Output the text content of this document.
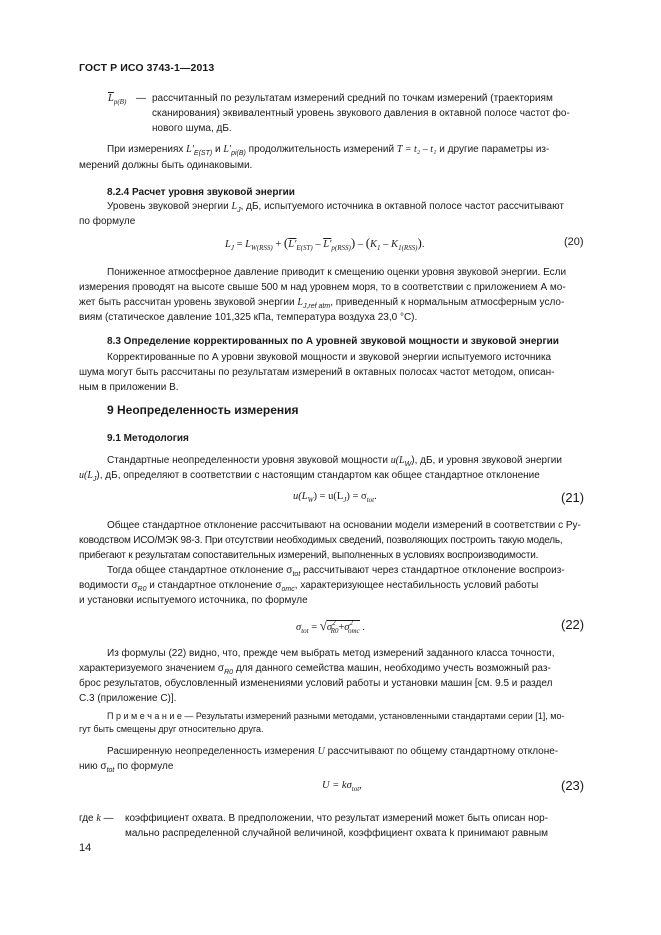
ГОСТ Р ИСО 3743-1—2013
$\overline{L}_{p(B)}$ — рассчитанный по результатам измерений средний по точкам измерений (траекториям
сканирования) эквивалентный уровень звукового давления в октавной полосе частот фо-
нового шума, дБ.
При измерениях $L'_{E(ST)}$ и $L'_{pi(B)}$ продолжительность измерений T = t₂ – t₁ и другие параметры из-
мерений должны быть одинаковыми.
8.2.4 Расчет уровня звуковой энергии
Уровень звуковой энергии $L_J$, дБ, испытуемого источника в октавной полосе частот рассчитывают
по формуле
$L_J = L_{W(RSS)} + (L'_{E(ST)} - L'_{p(RSS)}) - (K_1 - K_{1(RSS)})$.	(20)
Пониженное атмосферное давление приводит к смещению оценки уровня звуковой энергии. Если
измерения проводят на высоте свыше 500 м над уровнем моря, то в соответствии с приложением А мо-
жет быть рассчитан уровень звуковой энергии $L_{J,ref atm}$, приведенный к нормальным атмосферным усло-
виям (статическое давление 101,325 кПа, температура воздуха 23,0 °С).
8.3 Определение корректированных по А уровней звуковой мощности и звуковой энергии
Корректированные по А уровни звуковой мощности и звуковой энергии испытуемого источника
шума могут быть рассчитаны по результатам измерений в октавных полосах частот методом, описан-
ным в приложении В.
9 Неопределенность измерения
9.1 Методология
Стандартные неопределенности уровня звуковой мощности $u(L_W)$, дБ, и уровня звуковой энергии
$u(L_J)$, дБ, определяют в соответствии с настоящим стандартом как общее стандартное отклонение
$u(L_W) = u(L_J) = \sigma_{tot}$.	(21)
Общее стандартное отклонение рассчитывают на основании модели измерений в соответствии с Ру-
ководством ИСО/МЭК 98-3. При отсутствии необходимых сведений, позволяющих построить такую модель,
прибегают к результатам сопоставительных измерений, выполненных в условиях воспроизводимости.
Тогда общее стандартное отклонение $\sigma_{tot}$ рассчитывают через стандартное отклонение воспроиз-
водимости $\sigma_{R0}$ и стандартное отклонение $\sigma_{omc}$, характеризующее нестабильность условий работы
и установки испытуемого источника, по формуле
$\sigma_{tot} = √\sigma^2_{R0}+\sigma^2_{omc}$ .	(22)
Из формулы (22) видно, что, прежде чем выбрать метод измерений заданного класса точности,
характеризуемого значением $\sigma_{R0}$ для данного семейства машин, необходимо учесть возможный раз-
брос результатов, обусловленный изменениями условий работы и установки машин [см. 9.5 и раздел
С.3 (приложение С)].
П р и м е ч а н и е — Результаты измерений разными методами, установленными стандартами серии [1], мо-
гут быть смещены друг относительно друга.
Расширенную неопределенность измерения U рассчитывают по общему стандартному отклоне-
нию $\sigma_{tot}$ по формуле
$U = k\sigma_{tot}$,	(23)
где k — коэффициент охвата. В предположении, что результат измерений может быть описан нор-
мально распределенной случайной величиной, коэффициент охвата k принимают равным
14
